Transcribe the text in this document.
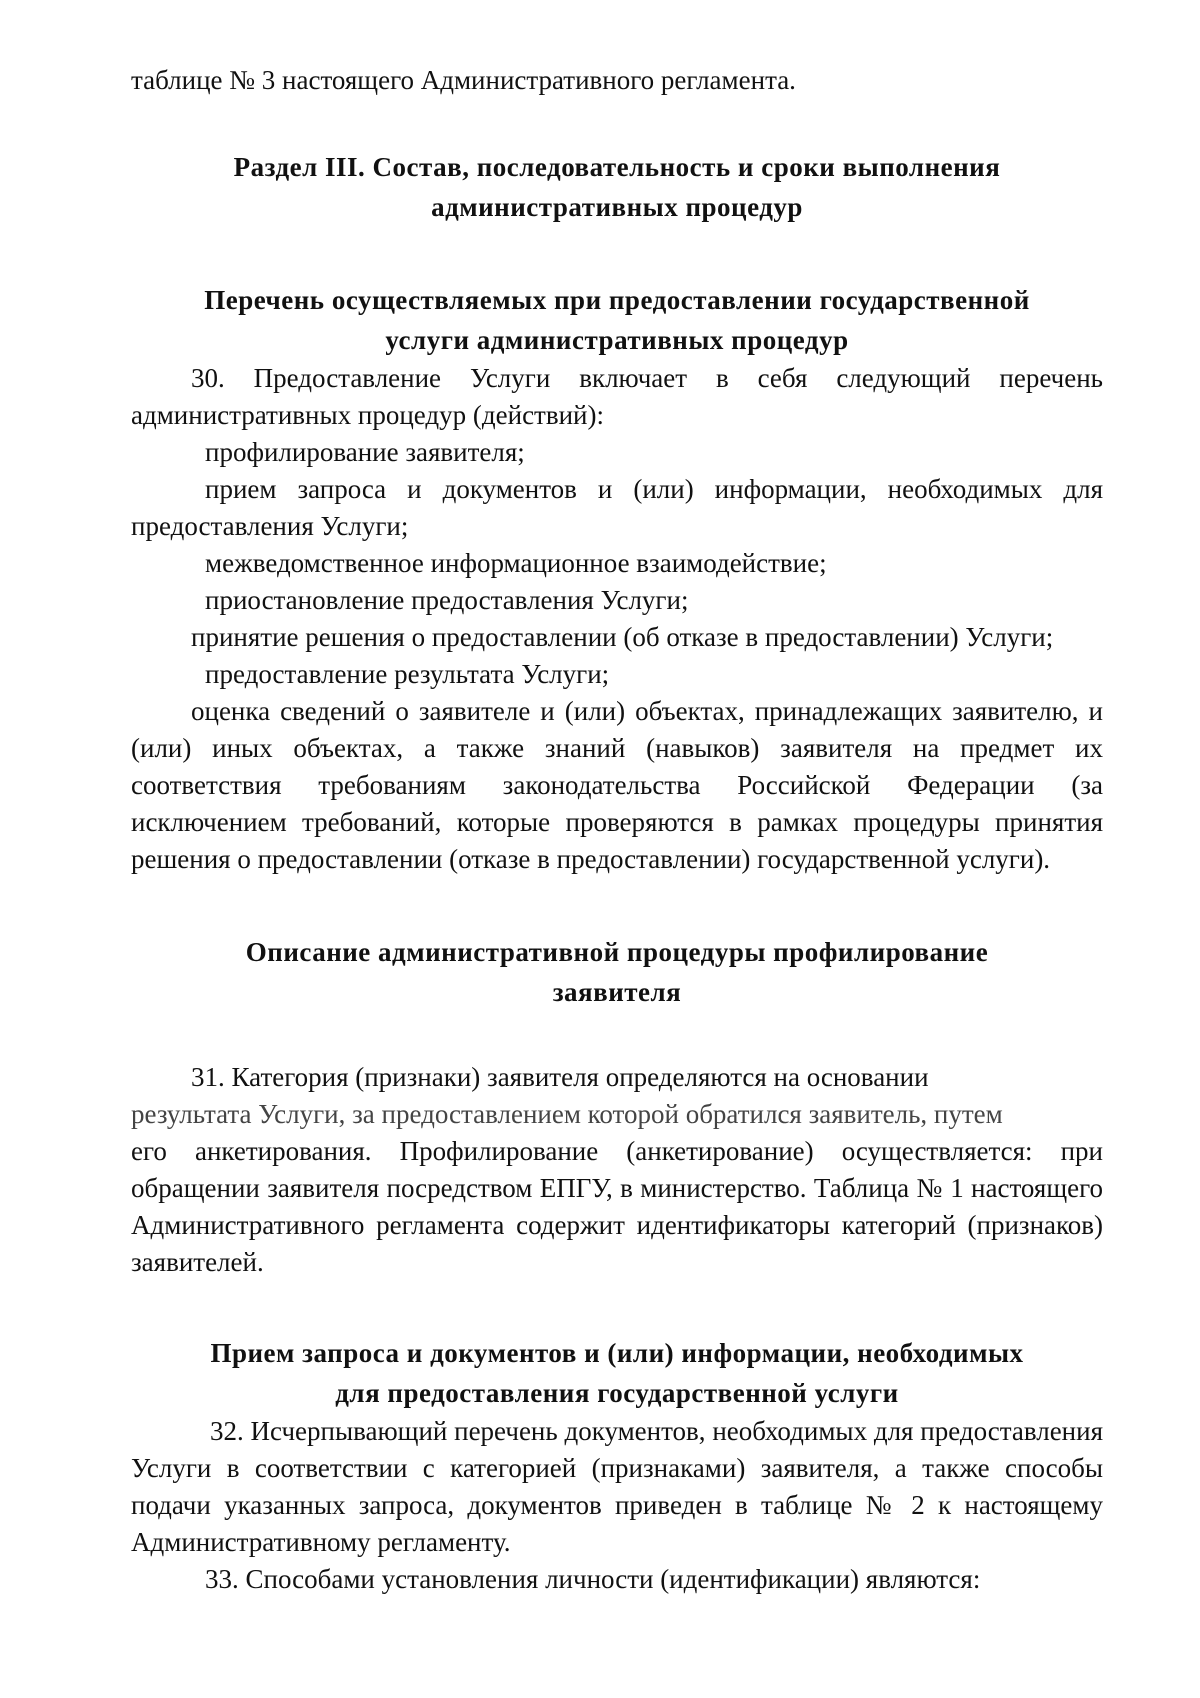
таблице № 3 настоящего Административного регламента.

Раздел III. Состав, последовательность и сроки выполнения
административных процедур
Перечень осуществляемых при предоставлении государственной
услуги административных процедур

30. Предоставление Услуги включает в себя следующий перечень административных процедур (действий):

профилирование заявителя;

прием запроса и документов и (или) информации, необходимых для предоставления Услуги;

межведомственное информационное взаимодействие;

приостановление предоставления Услуги;

принятие решения о предоставлении (об отказе в предоставлении) Услуги;

предоставление результата Услуги;

оценка сведений о заявителе и (или) объектах, принадлежащих заявителю, и (или) иных объектах, а также знаний (навыков) заявителя на предмет их соответствия требованиям законодательства Российской Федерации (за исключением требований, которые проверяются в рамках процедуры принятия решения о предоставлении (отказе в предоставлении) государственной услуги).

Описание административной процедуры профилирование
заявителя

31. Категория (признаки) заявителя определяются на основании

результата Услуги, за предоставлением которой обратился заявитель, путем

его анкетирования. Профилирование (анкетирование) осуществляется: при обращении заявителя посредством ЕПГУ, в министерство. Таблица № 1 настоящего Административного регламента содержит идентификаторы категорий (признаков) заявителей.

Прием запроса и документов и (или) информации, необходимых
для предоставления государственной услуги

32. Исчерпывающий перечень документов, необходимых для предоставления Услуги в соответствии с категорией (признаками) заявителя, а также способы подачи указанных запроса, документов приведен в таблице № 2 к настоящему Административному регламенту.

33. Способами установления личности (идентификации) являются:
